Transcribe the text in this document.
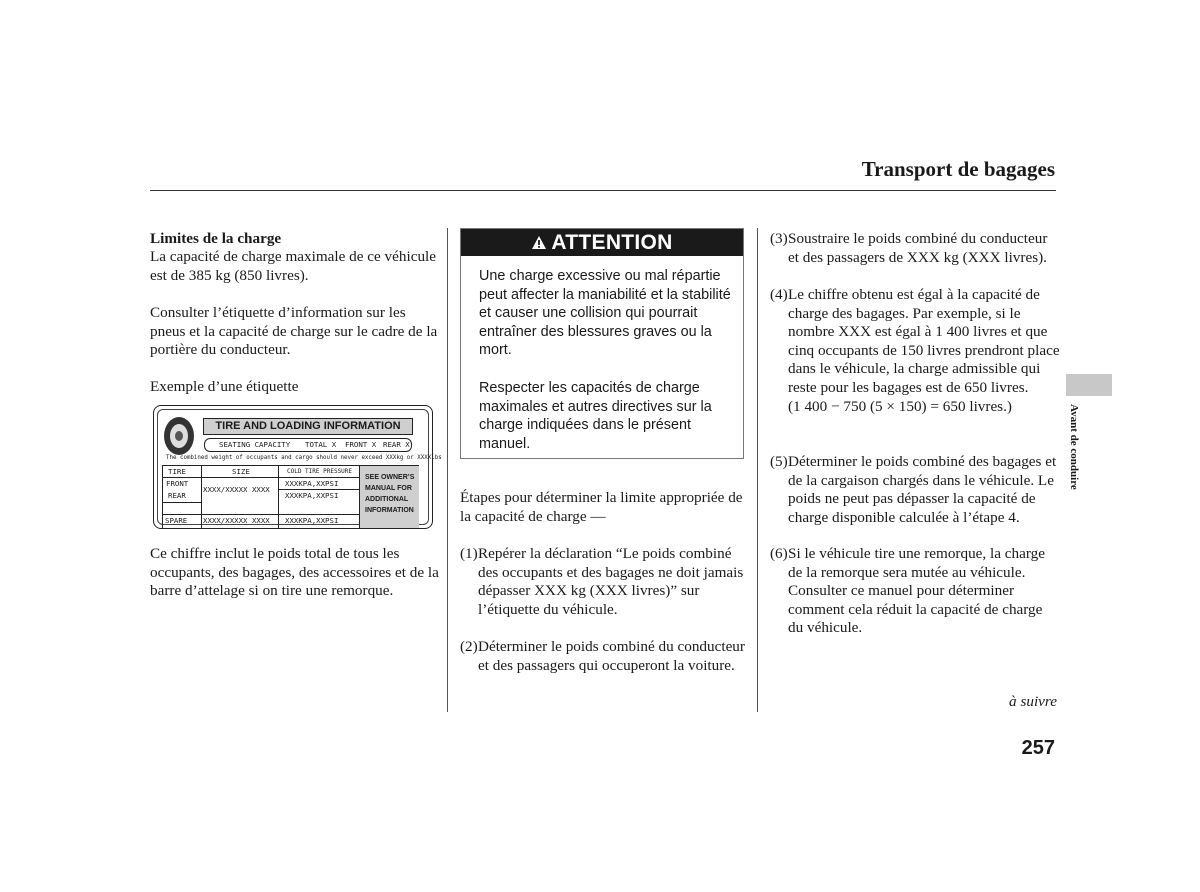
Transport de bagages
Limites de la charge
La capacité de charge maximale de ce véhicule est de 385 kg (850 livres).
Consulter l’étiquette d’information sur les pneus et la capacité de charge sur le cadre de la portière du conducteur.
Exemple d’une étiquette
TIRE AND LOADING INFORMATION
SEATING CAPACITY TOTAL X FRONT X REAR X
The combined weight of occupants and cargo should never exceed XXXkg or XXXXlbs
TIRE	SIZE	COLD TIRE PRESSURE
FRONT
REAR
SPARE
XXXX/XXXXX XXXX
XXXX/XXXXX XXXX
XXXKPA,XXPSI
XXXKPA,XXPSI
XXXKPA,XXPSI
SEE OWNER’S MANUAL FOR ADDITIONAL INFORMATION
Ce chiffre inclut le poids total de tous les occupants, des bagages, des accessoires et de la barre d’attelage si on tire une remorque.
ATTENTION
Une charge excessive ou mal répartie peut affecter la maniabilité et la stabilité et causer une collision qui pourrait entraîner des blessures graves ou la mort.
Respecter les capacités de charge maximales et autres directives sur la charge indiquées dans le présent manuel.
Étapes pour déterminer la limite appropriée de la capacité de charge —
(1) Repérer la déclaration “Le poids combiné des occupants et des bagages ne doit jamais dépasser XXX kg (XXX livres)” sur l’étiquette du véhicule.
(2) Déterminer le poids combiné du conducteur et des passagers qui occuperont la voiture.
(3) Soustraire le poids combiné du conducteur et des passagers de XXX kg (XXX livres).
(4) Le chiffre obtenu est égal à la capacité de charge des bagages. Par exemple, si le nombre XXX est égal à 1 400 livres et que cinq occupants de 150 livres prendront place dans le véhicule, la charge admissible qui reste pour les bagages est de 650 livres.
(1 400 − 750 (5 × 150) = 650 livres.)
(5) Déterminer le poids combiné des bagages et de la cargaison chargés dans le véhicule. Le poids ne peut pas dépasser la capacité de charge disponible calculée à l’étape 4.
(6) Si le véhicule tire une remorque, la charge de la remorque sera mutée au véhicule. Consulter ce manuel pour déterminer comment cela réduit la capacité de charge du véhicule.
Avant de conduire
à suivre
257
